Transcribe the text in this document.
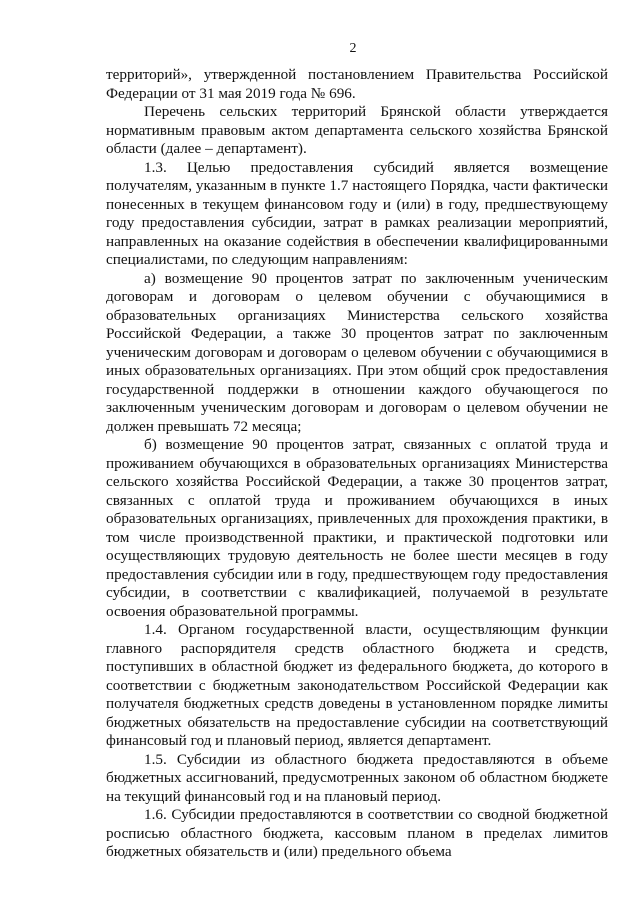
2

территорий», утвержденной постановлением Правительства Российской Федерации от 31 мая 2019 года № 696.

Перечень сельских территорий Брянской области утверждается нормативным правовым актом департамента сельского хозяйства Брянской области (далее – департамент).

1.3. Целью предоставления субсидий является возмещение получателям, указанным в пункте 1.7 настоящего Порядка, части фактически понесенных в текущем финансовом году и (или) в году, предшествующему году предоставления субсидии, затрат в рамках реализации мероприятий, направленных на оказание содействия в обеспечении квалифицированными специалистами, по следующим направлениям:

а) возмещение 90 процентов затрат по заключенным ученическим договорам и договорам о целевом обучении с обучающимися в образовательных организациях Министерства сельского хозяйства Российской Федерации, а также 30 процентов затрат по заключенным ученическим договорам и договорам о целевом обучении с обучающимися в иных образовательных организациях. При этом общий срок предоставления государственной поддержки в отношении каждого обучающегося по заключенным ученическим договорам и договорам о целевом обучении не должен превышать 72 месяца;

б) возмещение 90 процентов затрат, связанных с оплатой труда и проживанием обучающихся в образовательных организациях Министерства сельского хозяйства Российской Федерации, а также 30 процентов затрат, связанных с оплатой труда и проживанием обучающихся в иных образовательных организациях, привлеченных для прохождения практики, в том числе производственной практики, и практической подготовки или осуществляющих трудовую деятельность не более шести месяцев в году предоставления субсидии или в году, предшествующем году предоставления субсидии, в соответствии с квалификацией, получаемой в результате освоения образовательной программы.

1.4. Органом государственной власти, осуществляющим функции главного распорядителя средств областного бюджета и средств, поступивших в областной бюджет из федерального бюджета, до которого в соответствии с бюджетным законодательством Российской Федерации как получателя бюджетных средств доведены в установленном порядке лимиты бюджетных обязательств на предоставление субсидии на соответствующий финансовый год и плановый период, является департамент.

1.5. Субсидии из областного бюджета предоставляются в объеме бюджетных ассигнований, предусмотренных законом об областном бюджете на текущий финансовый год и на плановый период.

1.6. Субсидии предоставляются в соответствии со сводной бюджетной росписью областного бюджета, кассовым планом в пределах лимитов бюджетных обязательств и (или) предельного объема
